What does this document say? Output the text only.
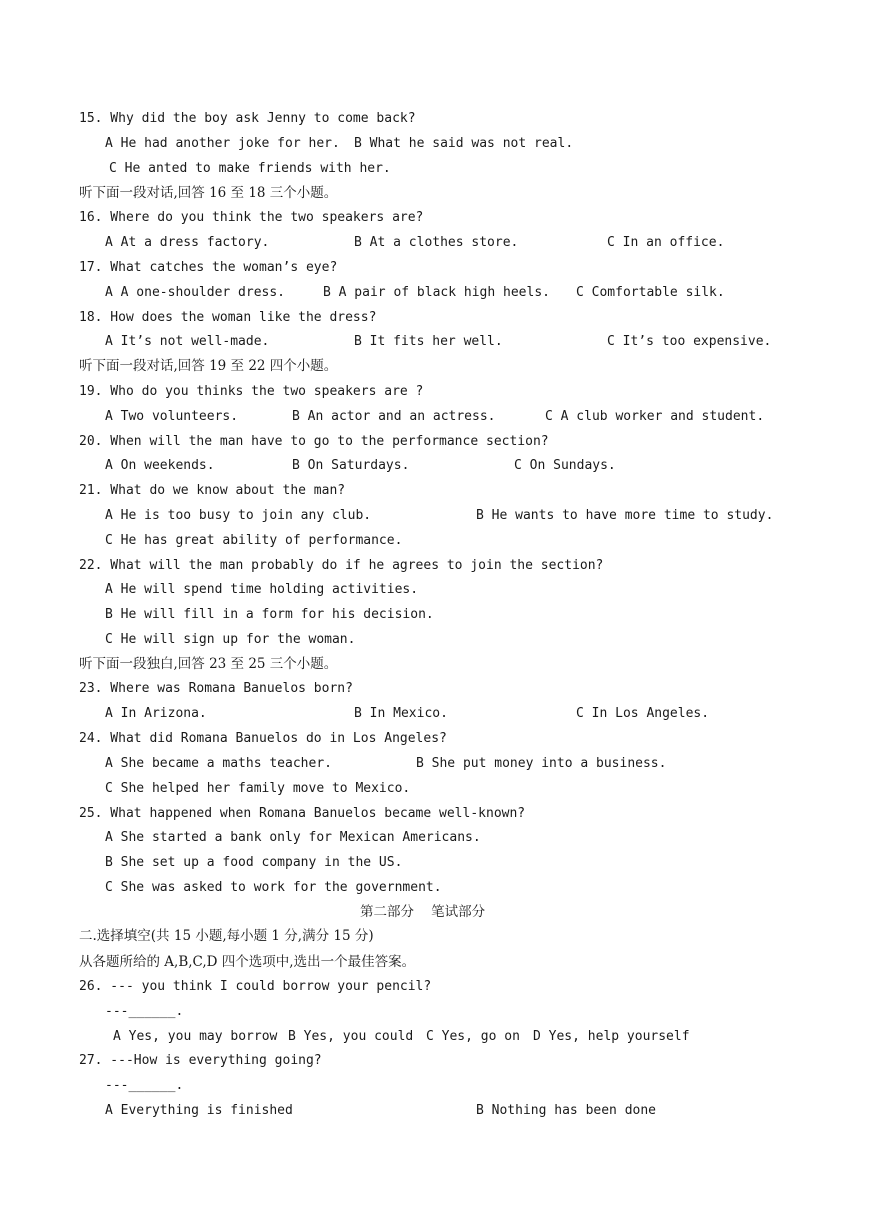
15. Why did the boy ask Jenny to come back?
A He had another joke for her. B What he said was not real.
C He anted to make friends with her.
听下面一段对话,回答 16 至 18 三个小题。
16. Where do you think the two speakers are?
A At a dress factory.	B At a clothes store.	C In an office.
17. What catches the woman’s eye?
A A one-shoulder dress.	B A pair of black high heels. C Comfortable silk.
18. How does the woman like the dress?
A It’s not well-made.	B It fits her well.	C It’s too expensive.
听下面一段对话,回答 19 至 22 四个小题。
19. Who do you thinks the two speakers are ?
A Two volunteers.	B An actor and an actress.	C A club worker and student.
20. When will the man have to go to the performance section?
A On weekends.	B On Saturdays.	C On Sundays.
21. What do we know about the man?
A He is too busy to join any club.	B He wants to have more time to study.
C He has great ability of performance.
22. What will the man probably do if he agrees to join the section?
A He will spend time holding activities.
B He will fill in a form for his decision.
C He will sign up for the woman.
听下面一段独白,回答 23 至 25 三个小题。
23. Where was Romana Banuelos born?
A In Arizona.	B In Mexico.	C In Los Angeles.
24. What did Romana Banuelos do in Los Angeles?
A She became a maths teacher.	B She put money into a business.
C She helped her family move to Mexico.
25. What happened when Romana Banuelos became well-known?
A She started a bank only for Mexican Americans.
B She set up a food company in the US.
C She was asked to work for the government.
第二部分    笔试部分
二.选择填空(共 15 小题,每小题 1 分,满分 15 分)
从各题所给的 A,B,C,D 四个选项中,选出一个最佳答案。
26. --- you think I could borrow your pencil?
---______.
A Yes, you may borrow B Yes, you could C Yes, go on D Yes, help yourself
27. ---How is everything going?
---______.
A Everything is finished	B Nothing has been done
